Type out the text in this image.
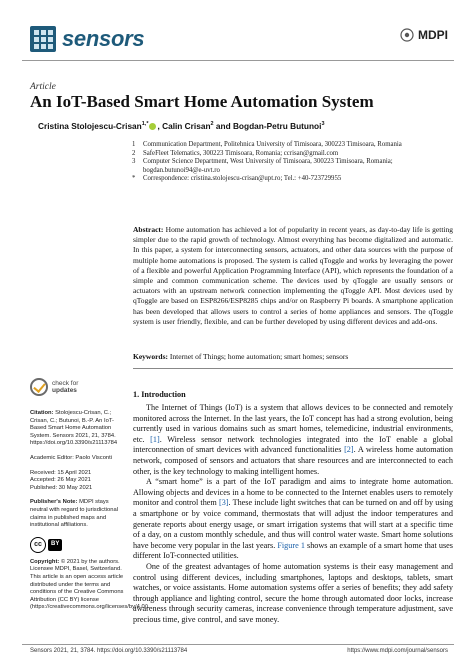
sensors	MDPI
Article
An IoT-Based Smart Home Automation System
Cristina Stolojescu-Crisan$^{1,*}$ , Calin Crisan$^2$ and Bogdan-Petru Butunoi$^3$
1	Communication Department, Politehnica University of Timisoara, 300223 Timisoara, Romania
2	SafeFleet Telematics, 300223 Timisoara, Romania; ccrisan@gmail.com
3	Computer Science Department, West University of Timisoara, 300223 Timisoara, Romania;
bogdan.butunoi94@e-uvt.ro
*	Correspondence: cristina.stolojescu-crisan@upt.ro; Tel.: +40-723729955
Abstract: Home automation has achieved a lot of popularity in recent years, as day-to-day life is getting simpler due to the rapid growth of technology. Almost everything has become digitalized and automatic. In this paper, a system for interconnecting sensors, actuators, and other data sources with the purpose of multiple home automations is proposed. The system is called qToggle and works by leveraging the power of a flexible and powerful Application Programming Interface (API), which represents the foundation of a simple and common communication scheme. The devices used by qToggle are usually sensors or actuators with an upstream network connection implementing the qToggle API. Most devices used by qToggle are based on ESP8266/ESP8285 chips and/or on Raspberry Pi boards. A smartphone application has been developed that allows users to control a series of home appliances and sensors. The qToggle system is user friendly, flexible, and can be further developed by using different devices and add-ons.
Keywords: Internet of Things; home automation; smart homes; sensors
check for
updates
Citation: Stolojescu-Crisan, C.; Crisan, C.; Butunoi, B.-P. An IoT-Based Smart Home Automation System. Sensors 2021, 21, 3784. https://doi.org/10.3390/s21113784
Academic Editor: Paolo Visconti
Received: 15 April 2021
Accepted: 26 May 2021
Published: 30 May 2021
Publisher's Note: MDPI stays neutral with regard to jurisdictional claims in published maps and institutional affiliations.
cc	BY
Copyright: © 2021 by the authors. Licensee MDPI, Basel, Switzerland. This article is an open access article distributed under the terms and conditions of the Creative Commons Attribution (CC BY) license (https://creativecommons.org/licenses/by/4.0/).
1. Introduction

The Internet of Things (IoT) is a system that allows devices to be connected and remotely monitored across the Internet. In the last years, the IoT concept has had a strong evolution, being currently used in various domains such as smart homes, telemedicine, industrial environments, etc. [1]. Wireless sensor network technologies integrated into the IoT enable a global interconnection of smart devices with advanced functionalities [2]. A wireless home automation network, composed of sensors and actuators that share resources and are interconnected to each other, is the key technology to making intelligent homes.

A “smart home” is a part of the IoT paradigm and aims to integrate home automation. Allowing objects and devices in a home to be connected to the Internet enables users to remotely monitor and control them [3]. These include light switches that can be turned on and off by using a smartphone or by voice command, thermostats that will adjust the indoor temperatures and generate reports about energy usage, or smart irrigation systems that will start at a specific time of a day, on a custom monthly schedule, and thus will control water waste. Smart home solutions have become very popular in the last years. Figure 1 shows an example of a smart home that uses different IoT-connected utilities.

One of the greatest advantages of home automation systems is their easy management and control using different devices, including smartphones, laptops and desktops, tablets, smart watches, or voice assistants. Home automation systems offer a series of benefits; they add safety through appliance and lighting control, secure the home through automated door locks, increase awareness through security cameras, increase convenience through temperature adjustment, save precious time, give control, and save money.

Sensors 2021, 21, 3784. https://doi.org/10.3390/s21113784	https://www.mdpi.com/journal/sensors
